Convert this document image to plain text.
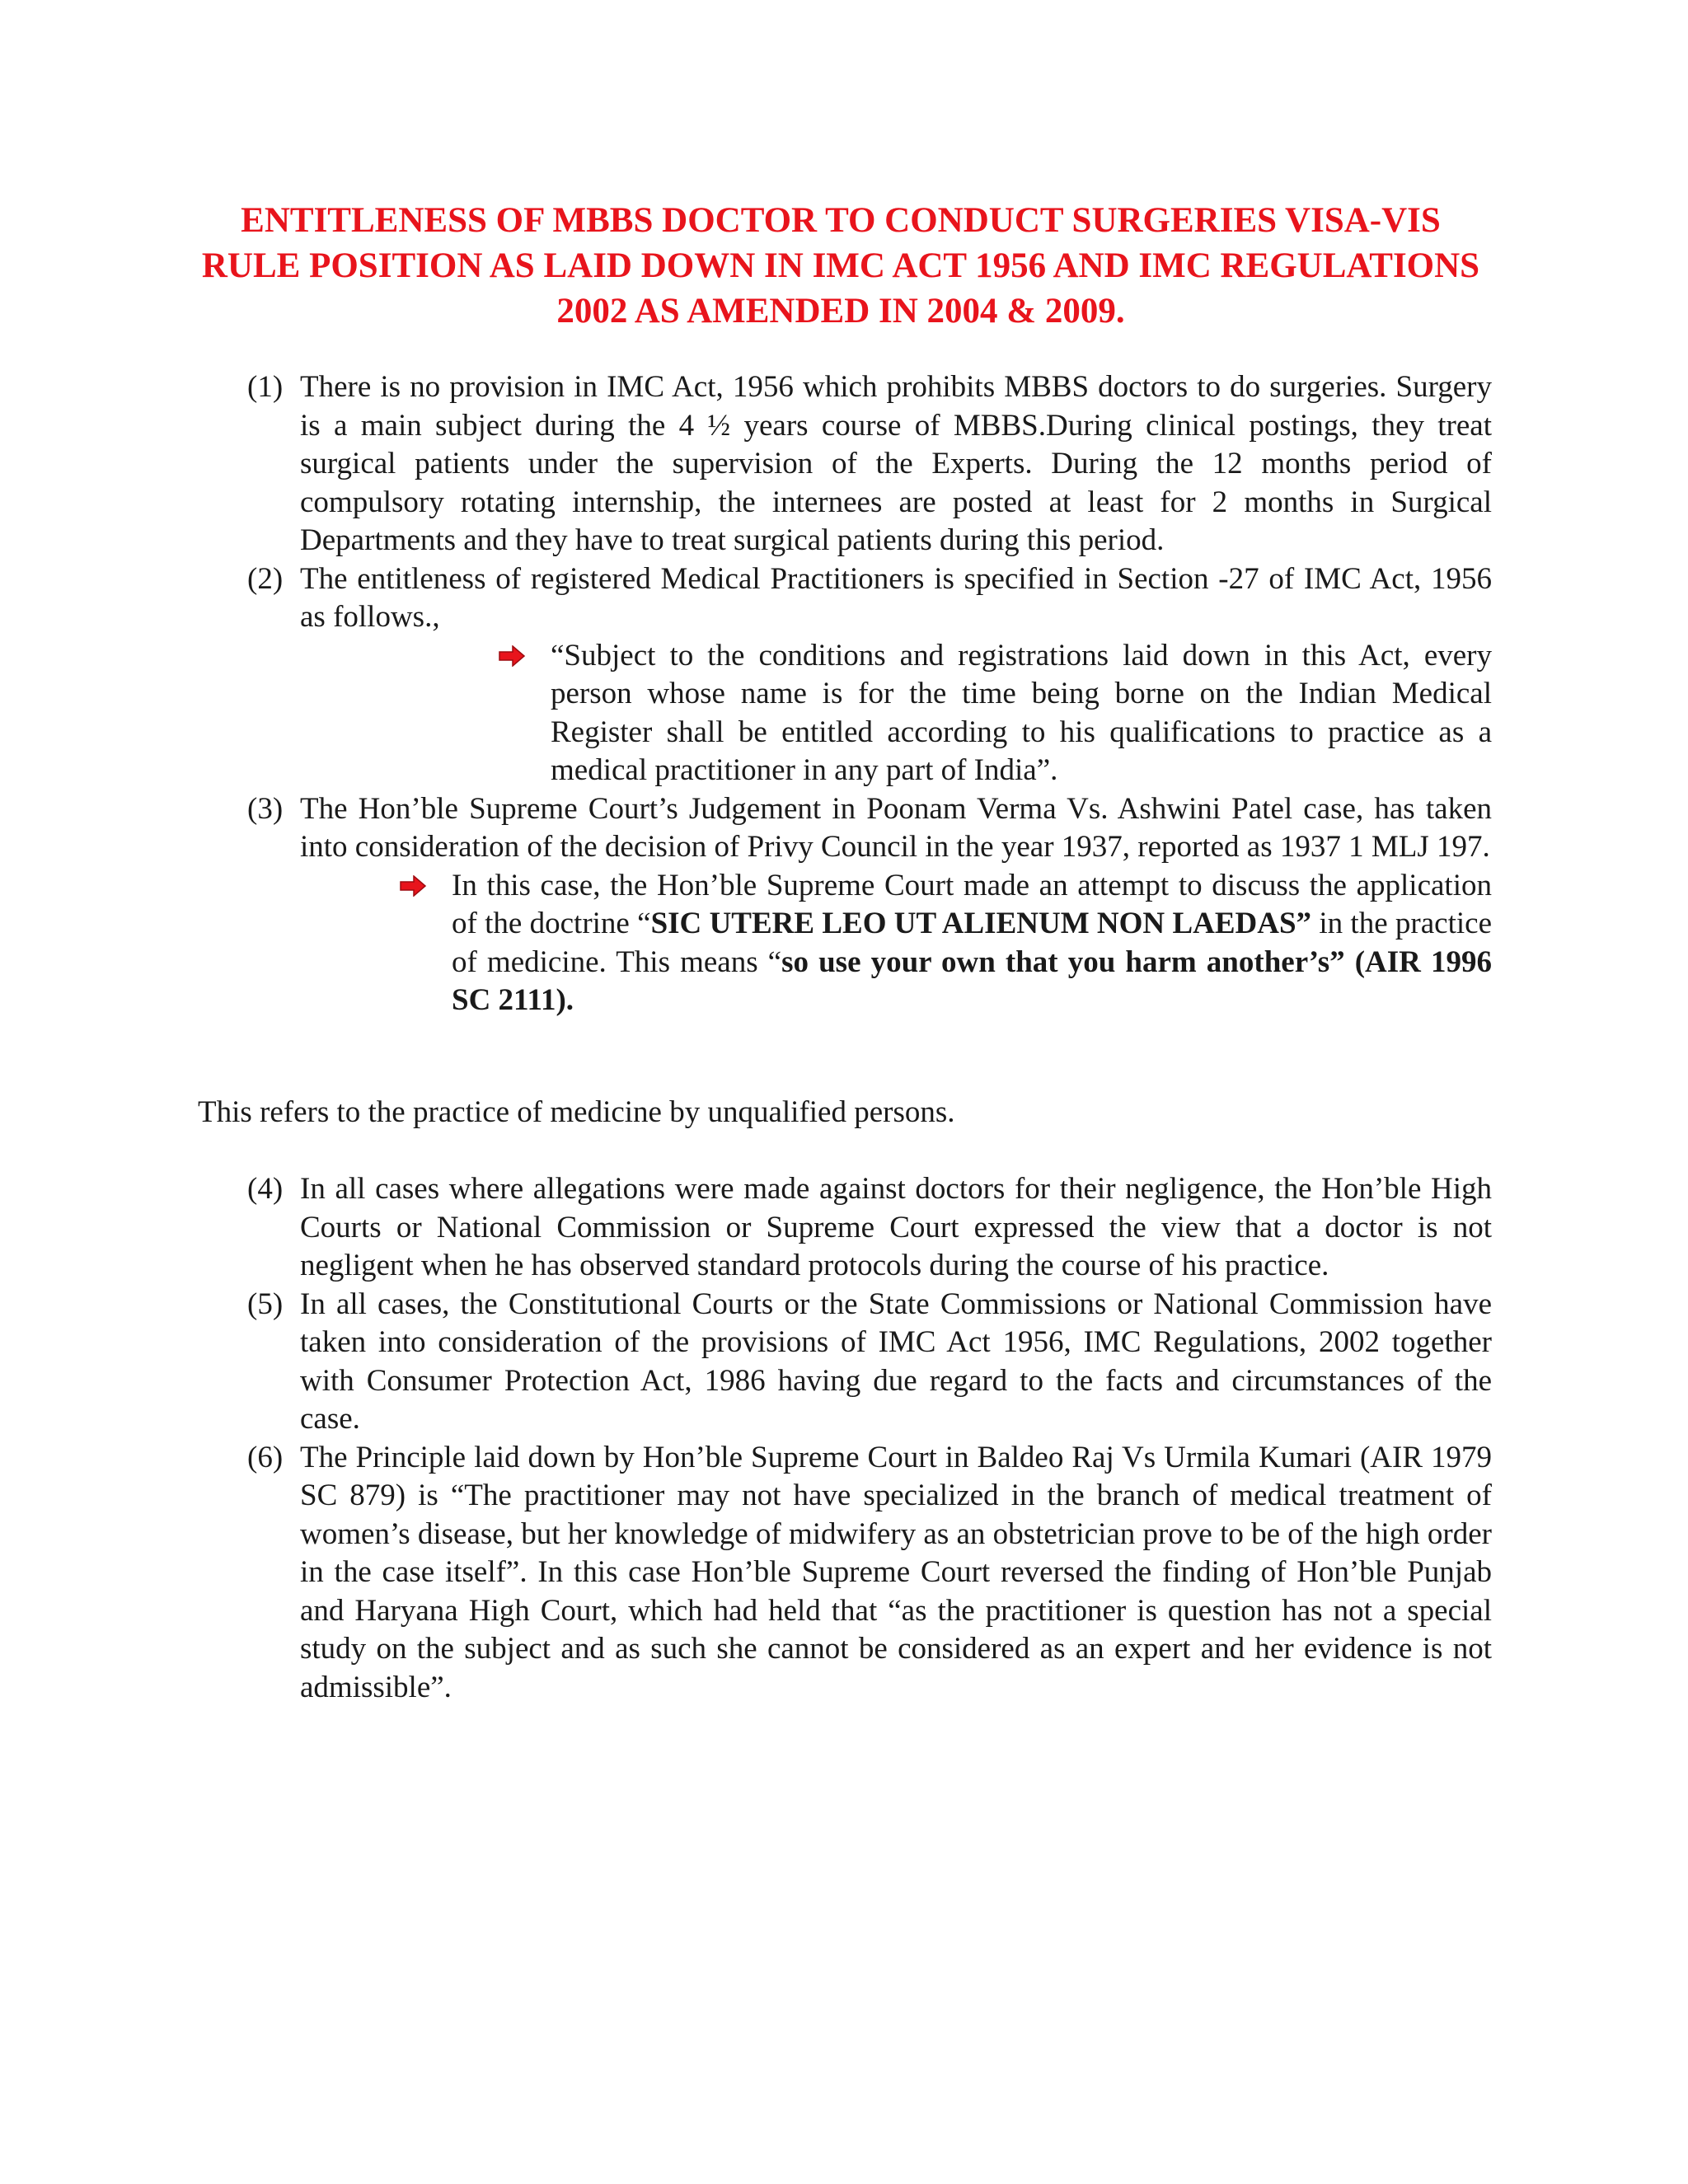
ENTITLENESS OF MBBS DOCTOR TO CONDUCT SURGERIES VISA-VIS RULE POSITION AS LAID DOWN IN IMC ACT 1956 AND IMC REGULATIONS 2002 AS AMENDED IN 2004 & 2009.
(1) There is no provision in IMC Act, 1956 which prohibits MBBS doctors to do surgeries. Surgery is a main subject during the 4 ½ years course of MBBS.During clinical postings, they treat surgical patients under the supervision of the Experts. During the 12 months period of compulsory rotating internship, the internees are posted at least for 2 months in Surgical Departments and they have to treat surgical patients during this period.
(2) The entitleness of registered Medical Practitioners is specified in Section -27 of IMC Act, 1956 as follows.,
“Subject to the conditions and registrations laid down in this Act, every person whose name is for the time being borne on the Indian Medical Register shall be entitled according to his qualifications to practice as a medical practitioner in any part of India”.
(3) The Hon’ble Supreme Court’s Judgement in Poonam Verma Vs. Ashwini Patel case, has taken into consideration of the decision of Privy Council in the year 1937, reported as 1937 1 MLJ 197.
In this case, the Hon’ble Supreme Court made an attempt to discuss the application of the doctrine “SIC UTERE LEO UT ALIENUM NON LAEDAS” in the practice of medicine. This means “so use your own that you harm another’s” (AIR 1996 SC 2111).

This refers to the practice of medicine by unqualified persons.

(4) In all cases where allegations were made against doctors for their negligence, the Hon’ble High Courts or National Commission or Supreme Court expressed the view that a doctor is not negligent when he has observed standard protocols during the course of his practice.
(5) In all cases, the Constitutional Courts or the State Commissions or National Commission have taken into consideration of the provisions of IMC Act 1956, IMC Regulations, 2002 together with Consumer Protection Act, 1986 having due regard to the facts and circumstances of the case.
(6) The Principle laid down by Hon’ble Supreme Court in Baldeo Raj Vs Urmila Kumari (AIR 1979 SC 879) is “The practitioner may not have specialized in the branch of medical treatment of women’s disease, but her knowledge of midwifery as an obstetrician prove to be of the high order in the case itself”. In this case Hon’ble Supreme Court reversed the finding of Hon’ble Punjab and Haryana High Court, which had held that “as the practitioner is question has not a special study on the subject and as such she cannot be considered as an expert and her evidence is not admissible”.
